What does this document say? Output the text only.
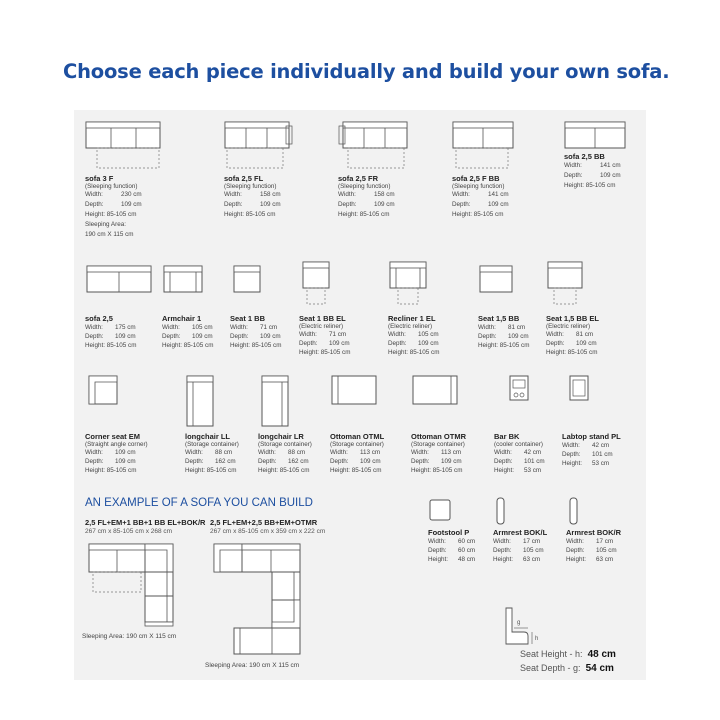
Choose each piece individually and build your own sofa.
sofa 3 F
(Sleeping function)
Width:	230 cm
Depth:	109 cm
Height: 85-105 cm
Sleeping Area:
190 cm X 115 cm
sofa 2,5 FL
(Sleeping function)
Width:	158 cm
Depth:	109 cm
Height: 85-105 cm
sofa 2,5 FR
(Sleeping function)
Width:	158 cm
Depth:	109 cm
Height: 85-105 cm
sofa 2,5 F BB
(Sleeping function)
Width:	141 cm
Depth:	109 cm
Height: 85-105 cm
sofa 2,5 BB
Width:	141 cm
Depth:	109 cm
Height: 85-105 cm
sofa 2,5
Width: 175 cm
Depth: 109 cm
Height: 85-105 cm
Armchair 1
Width: 105 cm
Depth: 109 cm
Height: 85-105 cm
Seat 1 BB
Width: 71 cm
Depth: 109 cm
Height: 85-105 cm
Seat 1 BB EL
(Electric reliner)
Width: 71 cm
Depth: 109 cm
Height: 85-105 cm
Recliner 1 EL
(Electric reliner)
Width: 105 cm
Depth: 109 cm
Height: 85-105 cm
Seat 1,5 BB
Width: 81 cm
Depth: 109 cm
Height: 85-105 cm
Seat 1,5 BB EL
(Electric reliner)
Width: 81 cm
Depth: 109 cm
Height: 85-105 cm
Corner seat EM
(Straight angle corner)
Width: 109 cm
Depth: 109 cm
Height: 85-105 cm
longchair LL
(Storage container)
Width: 88 cm
Depth: 162 cm
Height: 85-105 cm
longchair LR
(Storage container)
Width: 88 cm
Depth: 162 cm
Height: 85-105 cm
Ottoman OTML
(Storage container)
Width: 113 cm
Depth: 109 cm
Height: 85-105 cm
Ottoman OTMR
(Storage container)
Width: 113 cm
Depth: 109 cm
Height: 85-105 cm
Bar BK
(cooler container)
Width: 42 cm
Depth: 101 cm
Height: 53 cm
Labtop stand PL
Width: 42 cm
Depth: 101 cm
Height: 53 cm
AN EXAMPLE OF A SOFA YOU CAN BUILD
2,5 FL+EM+1 BB+1 BB EL+BOK/R
267 cm x 85-105 cm x 268 cm
Sleeping Area: 190 cm X 115 cm
2,5 FL+EM+2,5 BB+EM+OTMR
267 cm x 85-105 cm x 359 cm x 222 cm
Sleeping Area: 190 cm X 115 cm
Footstool P
Width: 60 cm
Depth: 60 cm
Height: 48 cm
Armrest BOK/L
Width: 17 cm
Depth: 105 cm
Height: 63 cm
Armrest BOK/R
Width: 17 cm
Depth: 105 cm
Height: 63 cm
g
h
Seat Height - h: 48 cm
Seat Depth - g: 54 cm
